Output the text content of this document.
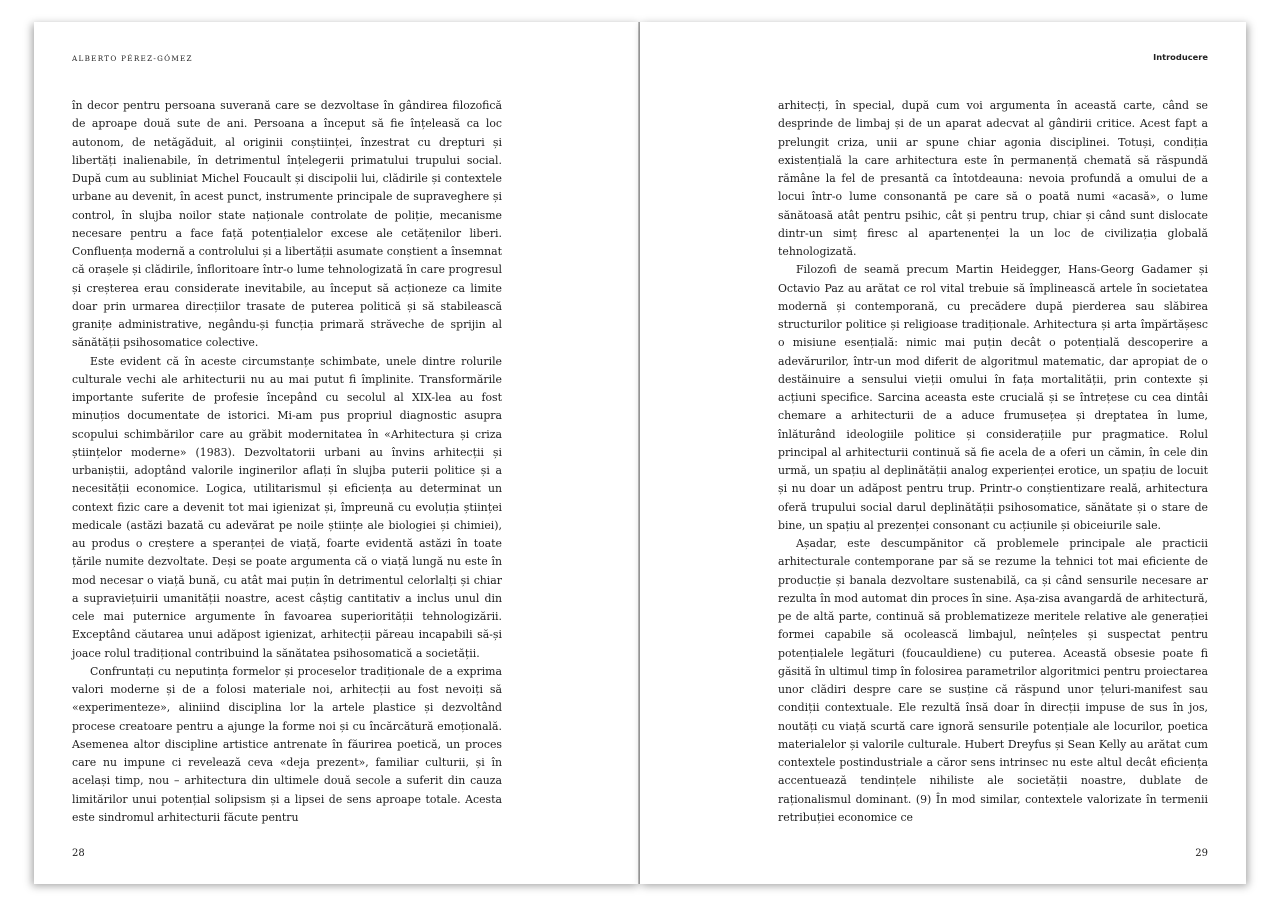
ALBERTO PÉREZ-GÓMEZ

în decor pentru persoana suverană care se dezvoltase în gândirea filozofică de aproape două sute de ani. Persoana a început să fie înțeleasă ca loc autonom, de netăgăduit, al originii conștiinței, înzestrat cu drepturi și libertăți inalienabile, în detrimentul înțelegerii primatului trupului social. După cum au subliniat Michel Foucault și discipolii lui, clădirile și contextele urbane au devenit, în acest punct, instrumente principale de supraveghere și control, în slujba noilor state naționale controlate de poliție, mecanisme necesare pentru a face față potențialelor excese ale cetățenilor liberi. Confluența modernă a controlului și a libertății asumate conștient a însemnat că orașele și clădirile, înfloritoare într-o lume tehnologizată în care progresul și creșterea erau considerate inevitabile, au început să acționeze ca limite doar prin urmarea direcțiilor trasate de puterea politică și să stabilească granițe administrative, negându-și funcția primară străveche de sprijin al sănătății psihosomatice colective.

Este evident că în aceste circumstanțe schimbate, unele dintre rolurile culturale vechi ale arhitecturii nu au mai putut fi împlinite. Transformările importante suferite de profesie începând cu secolul al XIX-lea au fost minuțios documentate de istorici. Mi-am pus propriul diagnostic asupra scopului schimbărilor care au grăbit modernitatea în «Arhitectura și criza științelor moderne» (1983). Dezvoltatorii urbani au învins arhitecții și urbaniștii, adoptând valorile inginerilor aflați în slujba puterii politice și a necesității economice. Logica, utilitarismul și eficiența au determinat un context fizic care a devenit tot mai igienizat și, împreună cu evoluția științei medicale (astăzi bazată cu adevărat pe noile științe ale biologiei și chimiei), au produs o creștere a speranței de viață, foarte evidentă astăzi în toate țările numite dezvoltate. Deși se poate argumenta că o viață lungă nu este în mod necesar o viață bună, cu atât mai puțin în detrimentul celorlalți și chiar a supraviețuirii umanității noastre, acest câștig cantitativ a inclus unul din cele mai puternice argumente în favoarea superiorității tehnologizării. Exceptând căutarea unui adăpost igienizat, arhitecții păreau incapabili să-și joace rolul tradițional contribuind la sănătatea psihosomatică a societății.

Confruntați cu neputința formelor și proceselor tradiționale de a exprima valori moderne și de a folosi materiale noi, arhitecții au fost nevoiți să «experimenteze», aliniind disciplina lor la artele plastice și dezvoltând procese creatoare pentru a ajunge la forme noi și cu încărcătură emoțională. Asemenea altor discipline artistice antrenate în făurirea poetică, un proces care nu impune ci revelează ceva «deja prezent», familiar culturii, și în același timp, nou – arhitectura din ultimele două secole a suferit din cauza limitărilor unui potențial solipsism și a lipsei de sens aproape totale. Acesta este sindromul arhitecturii făcute pentru

28
Introducere

arhitecți, în special, după cum voi argumenta în această carte, când se desprinde de limbaj și de un aparat adecvat al gândirii critice. Acest fapt a prelungit criza, unii ar spune chiar agonia disciplinei. Totuși, condiția existențială la care arhitectura este în permanență chemată să răspundă rămâne la fel de presantă ca întotdeauna: nevoia profundă a omului de a locui într-o lume consonantă pe care să o poată numi «acasă», o lume sănătoasă atât pentru psihic, cât și pentru trup, chiar și când sunt dislocate dintr-un simț firesc al apartenenței la un loc de civilizația globală tehnologizată.

Filozofi de seamă precum Martin Heidegger, Hans-Georg Gadamer și Octavio Paz au arătat ce rol vital trebuie să împlinească artele în societatea modernă și contemporană, cu precădere după pierderea sau slăbirea structurilor politice și religioase tradiționale. Arhitectura și arta împărtășesc o misiune esențială: nimic mai puțin decât o potențială descoperire a adevărurilor, într-un mod diferit de algoritmul matematic, dar apropiat de o destăinuire a sensului vieții omului în fața mortalității, prin contexte și acțiuni specifice. Sarcina aceasta este crucială și se întrețese cu cea dintâi chemare a arhitecturii de a aduce frumusețea și dreptatea în lume, înlăturând ideologiile politice și considerațiile pur pragmatice. Rolul principal al arhitecturii continuă să fie acela de a oferi un cămin, în cele din urmă, un spațiu al deplinătății analog experienței erotice, un spațiu de locuit și nu doar un adăpost pentru trup. Printr-o conștientizare reală, arhitectura oferă trupului social darul deplinătății psihosomatice, sănătate și o stare de bine, un spațiu al prezenței consonant cu acțiunile și obiceiurile sale.

Așadar, este descumpănitor că problemele principale ale practicii arhitecturale contemporane par să se rezume la tehnici tot mai eficiente de producție și banala dezvoltare sustenabilă, ca și când sensurile necesare ar rezulta în mod automat din proces în sine. Așa-zisa avangardă de arhitectură, pe de altă parte, continuă să problematizeze meritele relative ale generației formei capabile să ocolească limbajul, neînțeles și suspectat pentru potențialele legături (foucauldiene) cu puterea. Această obsesie poate fi găsită în ultimul timp în folosirea parametrilor algoritmici pentru proiectarea unor clădiri despre care se susține că răspund unor țeluri-manifest sau condiții contextuale. Ele rezultă însă doar în direcții impuse de sus în jos, noutăți cu viață scurtă care ignoră sensurile potențiale ale locurilor, poetica materialelor și valorile culturale. Hubert Dreyfus și Sean Kelly au arătat cum contextele postindustriale a căror sens intrinsec nu este altul decât eficiența accentuează tendințele nihiliste ale societății noastre, dublate de raționalismul dominant. (9) În mod similar, contextele valorizate în termenii retribuției economice ce

29
